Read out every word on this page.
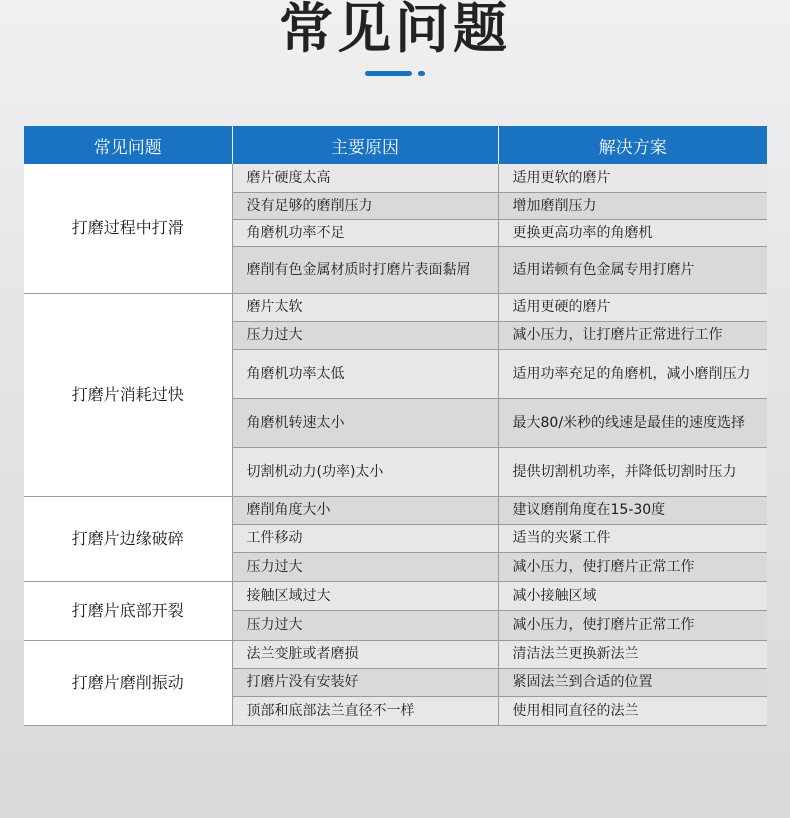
常见问题
常见问题	主要原因	解决方案
打磨过程中打滑	磨片硬度太高	适用更软的磨片
	没有足够的磨削压力	增加磨削压力
	角磨机功率不足	更换更高功率的角磨机
	磨削有色金属材质时打磨片表面黏屑	适用诺顿有色金属专用打磨片
打磨片消耗过快	磨片太软	适用更硬的磨片
	压力过大	减小压力，让打磨片正常进行工作
	角磨机功率太低	适用功率充足的角磨机，减小磨削压力
	角磨机转速太小	最大80/米秒的线速是最佳的速度选择
	切割机动力(功率)太小	提供切割机功率，并降低切割时压力
打磨片边缘破碎	磨削角度大小	建议磨削角度在15-30度
	工件移动	适当的夹紧工件
	压力过大	减小压力，使打磨片正常工作
打磨片底部开裂	接触区域过大	减小接触区域
	压力过大	减小压力，使打磨片正常工作
打磨片磨削振动	法兰变脏或者磨损	清洁法兰更换新法兰
	打磨片没有安装好	紧固法兰到合适的位置
	顶部和底部法兰直径不一样	使用相同直径的法兰
